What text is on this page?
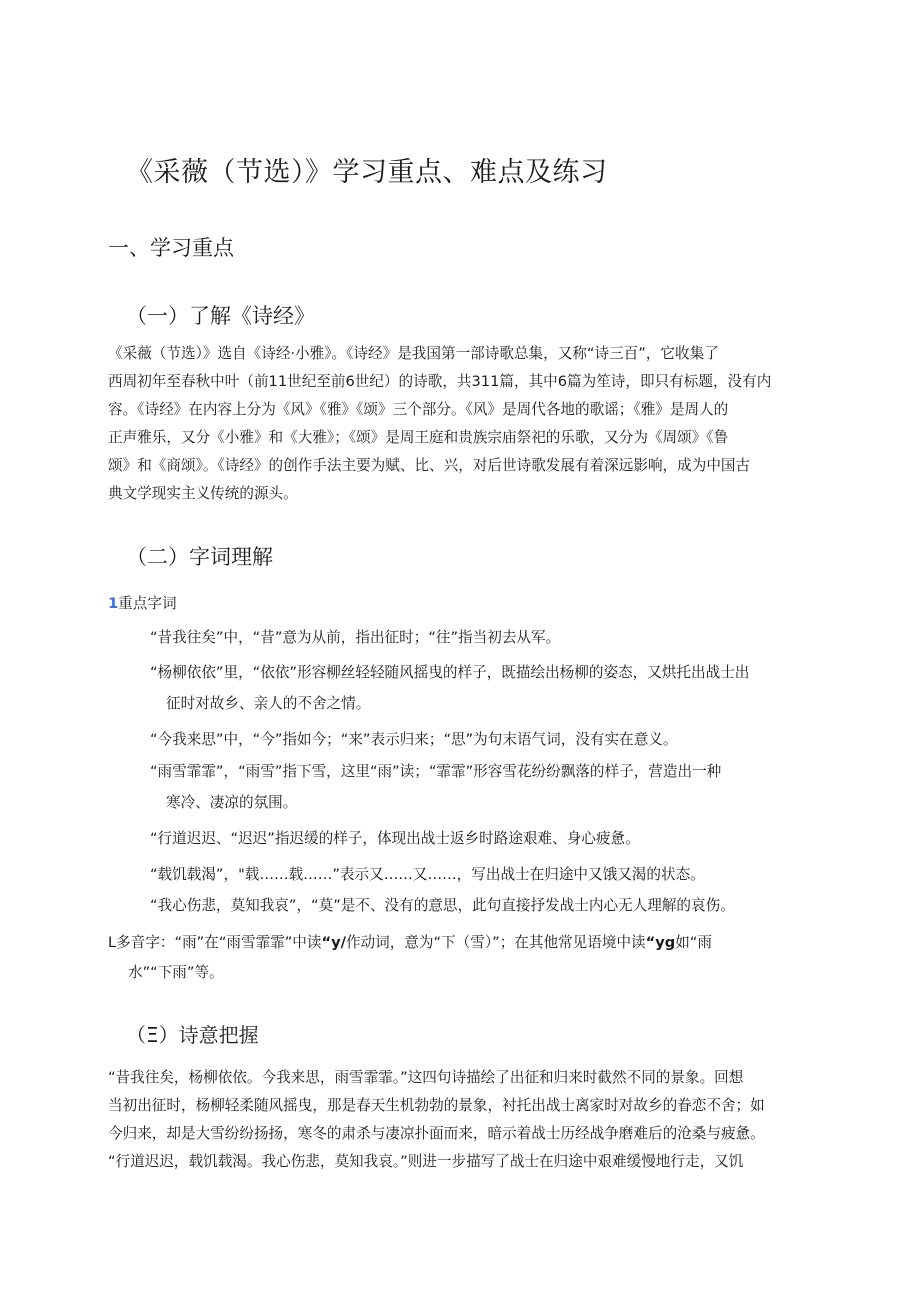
《采薇（节选）》学习重点、难点及练习
一、学习重点
（一）了解《诗经》

《采薇（节选）》选自《诗经·小雅》。《诗经》是我国第一部诗歌总集，又称“诗三百”，它收集了
西周初年至春秋中叶（前11世纪至前6世纪）的诗歌，共311篇，其中6篇为笙诗，即只有标题，没有内
容。《诗经》在内容上分为《风》《雅》《颂》三个部分。《风》是周代各地的歌谣；《雅》是周人的
正声雅乐，又分《小雅》和《大雅》；《颂》是周王庭和贵族宗庙祭祀的乐歌，又分为《周颂》《鲁
颂》和《商颂》。《诗经》的创作手法主要为赋、比、兴，对后世诗歌发展有着深远影响，成为中国古
典文学现实主义传统的源头。

（二）字词理解

1重点字词

“昔我往矣”中，“昔”意为从前，指出征时；“往”指当初去从军。

“杨柳依依”里，“依依”形容柳丝轻轻随风摇曳的样子，既描绘出杨柳的姿态，又烘托出战士出
征时对故乡、亲人的不舍之情。

“今我来思”中，“今”指如今；“来”表示归来；“思”为句末语气词，没有实在意义。

“雨雪霏霏”，“雨雪”指下雪，这里“雨”读；“霏霏”形容雪花纷纷飘落的样子，营造出一种
寒冷、凄凉的氛围。

“行道迟迟、“迟迟”指迟缓的样子，体现出战士返乡时路途艰难、身心疲惫。

“载饥载渴”，"载……载……”表示又……又……，写出战士在归途中又饿又渴的状态。

“我心伤悲，莫知我哀”，“莫”是不、没有的意思，此句直接抒发战士内心无人理解的哀伤。

L多音字：“雨”在“雨雪霏霏”中读“y/作动词，意为“下（雪）”；在其他常见语境中读“yg如“雨
水”“下雨”等。

（Ξ）诗意把握

“昔我往矣，杨柳依依。今我来思，雨雪霏霏。”这四句诗描绘了出征和归来时截然不同的景象。回想
当初出征时，杨柳轻柔随风摇曳，那是春天生机勃勃的景象，衬托出战士离家时对故乡的眷恋不舍；如
今归来，却是大雪纷纷扬扬，寒冬的肃杀与凄凉扑面而来，暗示着战士历经战争磨难后的沧桑与疲惫。
“行道迟迟，载饥载渴。我心伤悲，莫知我哀。”则进一步描写了战士在归途中艰难缓慢地行走，又饥
